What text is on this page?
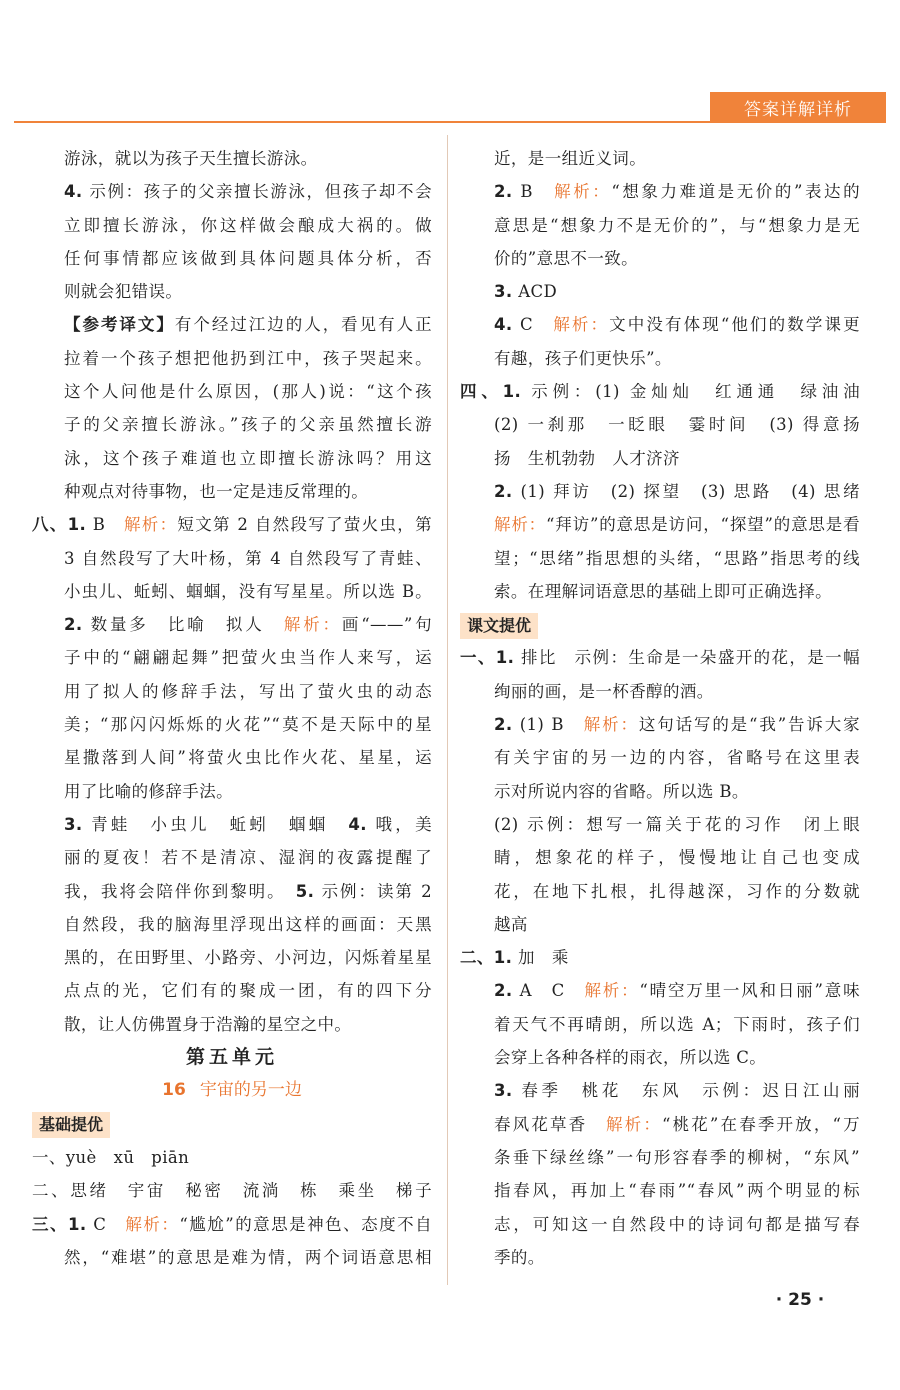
答案详解详析
游泳，就以为孩子天生擅长游泳。
4. 示例：孩子的父亲擅长游泳，但孩子却不会
立即擅长游泳，你这样做会酿成大祸的。做
任何事情都应该做到具体问题具体分析，否
则就会犯错误。
【参考译文】有个经过江边的人，看见有人正
拉着一个孩子想把他扔到江中，孩子哭起来。
这个人问他是什么原因，(那人)说：“这个孩
子的父亲擅长游泳。”孩子的父亲虽然擅长游
泳，这个孩子难道也立即擅长游泳吗？用这
种观点对待事物，也一定是违反常理的。
八、1. B　 解析：短文第 2 自然段写了萤火虫，第
3 自然段写了大叶杨，第 4 自然段写了青蛙、
小虫儿、蚯蚓、蝈蝈，没有写星星。所以选 B。
2. 数量多　比喻　拟人　 解析：画“——”句
子中的“翩翩起舞”把萤火虫当作人来写，运
用了拟人的修辞手法，写出了萤火虫的动态
美；“那闪闪烁烁的火花”“莫不是天际中的星
星撒落到人间”将萤火虫比作火花、星星，运
用了比喻的修辞手法。
3. 青蛙　小虫儿　蚯蚓　蝈蝈　 4. 哦，美
丽的夏夜！若不是清凉、湿润的夜露提醒了
我，我将会陪伴你到黎明。　 5. 示例：读第 2
自然段，我的脑海里浮现出这样的画面：天黑
黑的，在田野里、小路旁、小河边，闪烁着星星
点点的光，它们有的聚成一团，有的四下分
散，让人仿佛置身于浩瀚的星空之中。
第五单元
16 宇宙的另一边
基础提优
一、yuè　xū　piān
二、思绪　宇宙　秘密　流淌　栋　乘坐　梯子
三、1. C　 解析：“尴尬”的意思是神色、态度不自
然，“难堪”的意思是难为情，两个词语意思相
近，是一组近义词。
2. B　 解析：“想象力难道是无价的”表达的
意思是“想象力不是无价的”，与“想象力是无
价的”意思不一致。
3. ACD
4. C　 解析：文中没有体现“他们的数学课更
有趣，孩子们更快乐”。
四、1. 示例：(1) 金灿灿　红通通　绿油油
(2) 一刹那　一眨眼　霎时间　(3) 得意扬
扬　生机勃勃　人才济济
2. (1) 拜访　(2) 探望　(3) 思路　(4) 思绪
解析：“拜访”的意思是访问，“探望”的意思是看
望；“思绪”指思想的头绪，“思路”指思考的线
索。在理解词语意思的基础上即可正确选择。
课文提优
一、1. 排比　示例：生命是一朵盛开的花，是一幅
绚丽的画，是一杯香醇的酒。
2. (1) B　 解析：这句话写的是“我”告诉大家
有关宇宙的另一边的内容，省略号在这里表
示对所说内容的省略。所以选 B。
(2) 示例：想写一篇关于花的习作　闭上眼
睛，想象花的样子，慢慢地让自己也变成
花，在地下扎根，扎得越深，习作的分数就
越高
二、1. 加　乘
2. A　C　 解析：“晴空万里一风和日丽”意味
着天气不再晴朗，所以选 A；下雨时，孩子们
会穿上各种各样的雨衣，所以选 C。
3. 春季　桃花　东风　示例：迟日江山丽
春风花草香　 解析：“桃花”在春季开放，“万
条垂下绿丝绦”一句形容春季的柳树，“东风”
指春风，再加上“春雨”“春风”两个明显的标
志，可知这一自然段中的诗词句都是描写春
季的。
· 25 ·
